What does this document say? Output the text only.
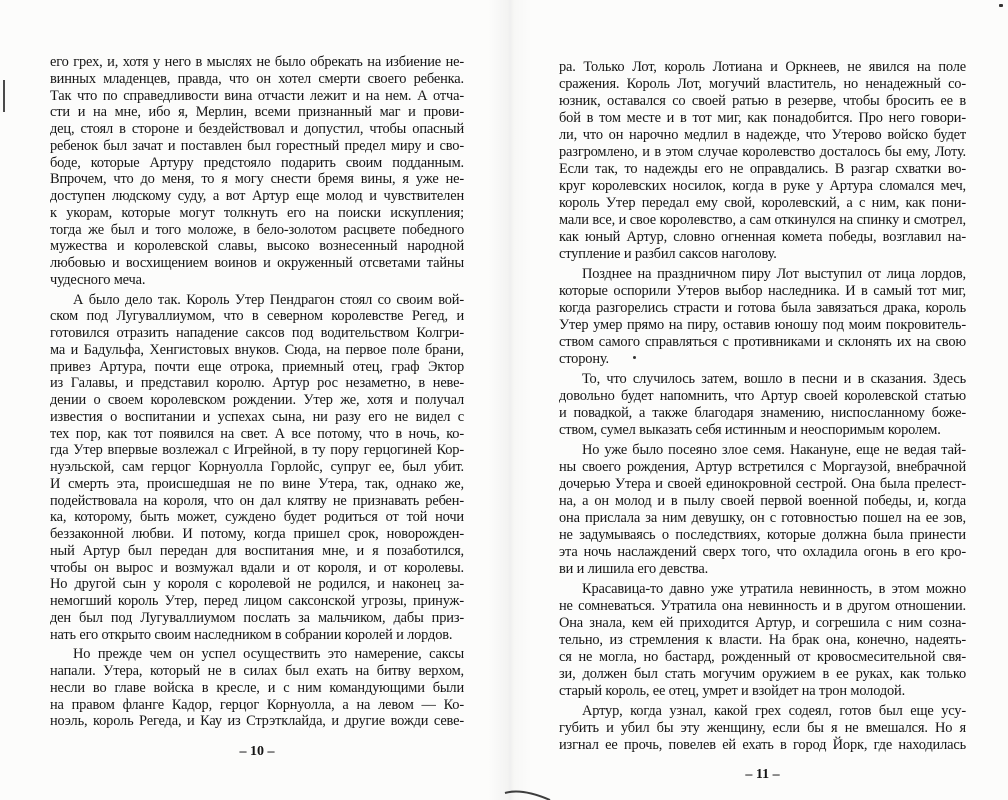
его грех, и, хотя у него в мыслях не было обрекать на избиение не-
винных младенцев, правда, что он хотел смерти своего ребенка.
Так что по справедливости вина отчасти лежит и на нем. А отча-
сти и на мне, ибо я, Мерлин, всеми признанный маг и прови-
дец, стоял в стороне и бездействовал и допустил, чтобы опасный
ребенок был зачат и поставлен был горестный предел миру и сво-
боде, которые Артуру предстояло подарить своим подданным.
Впрочем, что до меня, то я могу снести бремя вины, я уже не-
доступен людскому суду, а вот Артур еще молод и чувствителен
к укорам, которые могут толкнуть его на поиски искупления;
тогда же был и того моложе, в бело-золотом расцвете победного
мужества и королевской славы, высоко вознесенный народной
любовью и восхищением воинов и окруженный отсветами тайны
чудесного меча.
А было дело так. Король Утер Пендрагон стоял со своим вой-
ском под Лугуваллиумом, что в северном королевстве Регед, и
готовился отразить нападение саксов под водительством Колгри-
ма и Бадульфа, Хенгистовых внуков. Сюда, на первое поле брани,
привез Артура, почти еще отрока, приемный отец, граф Эктор
из Галавы, и представил королю. Артур рос незаметно, в неве-
дении о своем королевском рождении. Утер же, хотя и получал
известия о воспитании и успехах сына, ни разу его не видел с
тех пор, как тот появился на свет. А все потому, что в ночь, ко-
гда Утер впервые возлежал с Игрейной, в ту пору герцогиней Кор-
нуэльской, сам герцог Корнуолла Горлойс, супруг ее, был убит.
И смерть эта, происшедшая не по вине Утера, так, однако же,
подействовала на короля, что он дал клятву не признавать ребен-
ка, которому, быть может, суждено будет родиться от той ночи
беззаконной любви. И потому, когда пришел срок, новорожден-
ный Артур был передан для воспитания мне, и я позаботился,
чтобы он вырос и возмужал вдали и от короля, и от королевы.
Но другой сын у короля с королевой не родился, и наконец за-
немогший король Утер, перед лицом саксонской угрозы, принуж-
ден был под Лугуваллиумом послать за мальчиком, дабы приз-
нать его открыто своим наследником в собрании королей и лордов.
Но прежде чем он успел осуществить это намерение, саксы
напали. Утера, который не в силах был ехать на битву верхом,
несли во главе войска в кресле, и с ним командующими были
на правом фланге Кадор, герцог Корнуолла, а на левом — Ко-
ноэль, король Регеда, и Кау из Стрэтклайда, и другие вожди севе-
– 10 –
ра. Только Лот, король Лотиана и Оркнеев, не явился на поле
сражения. Король Лот, могучий властитель, но ненадежный со-
юзник, оставался со своей ратью в резерве, чтобы бросить ее в
бой в том месте и в тот миг, как понадобится. Про него говори-
ли, что он нарочно медлил в надежде, что Утерово войско будет
разгромлено, и в этом случае королевство досталось бы ему, Лоту.
Если так, то надежды его не оправдались. В разгар схватки во-
круг королевских носилок, когда в руке у Артура сломался меч,
король Утер передал ему свой, королевский, а с ним, как пони-
мали все, и свое королевство, а сам откинулся на спинку и смотрел,
как юный Артур, словно огненная комета победы, возглавил на-
ступление и разбил саксов наголову.
Позднее на праздничном пиру Лот выступил от лица лордов,
которые оспорили Утеров выбор наследника. И в самый тот миг,
когда разгорелись страсти и готова была завязаться драка, король
Утер умер прямо на пиру, оставив юношу под моим покровитель-
ством самого справляться с противниками и склонять их на свою
сторону.
То, что случилось затем, вошло в песни и в сказания. Здесь
довольно будет напомнить, что Артур своей королевской статью
и повадкой, а также благодаря знамению, ниспосланному боже-
ством, сумел выказать себя истинным и неоспоримым королем.
Но уже было посеяно злое семя. Накануне, еще не ведая тай-
ны своего рождения, Артур встретился с Моргаузой, внебрачной
дочерью Утера и своей единокровной сестрой. Она была прелест-
на, а он молод и в пылу своей первой военной победы, и, когда
она прислала за ним девушку, он с готовностью пошел на ее зов,
не задумываясь о последствиях, которые должна была принести
эта ночь наслаждений сверх того, что охладила огонь в его кро-
ви и лишила его девства.
Красавица-то давно уже утратила невинность, в этом можно
не сомневаться. Утратила она невинность и в другом отношении.
Она знала, кем ей приходится Артур, и согрешила с ним созна-
тельно, из стремления к власти. На брак она, конечно, надеять-
ся не могла, но бастард, рожденный от кровосмесительной свя-
зи, должен был стать могучим оружием в ее руках, как только
старый король, ее отец, умрет и взойдет на трон молодой.
Артур, когда узнал, какой грех содеял, готов был еще усу-
губить и убил бы эту женщину, если бы я не вмешался. Но я
изгнал ее прочь, повелев ей ехать в город Йорк, где находилась
– 11 –
